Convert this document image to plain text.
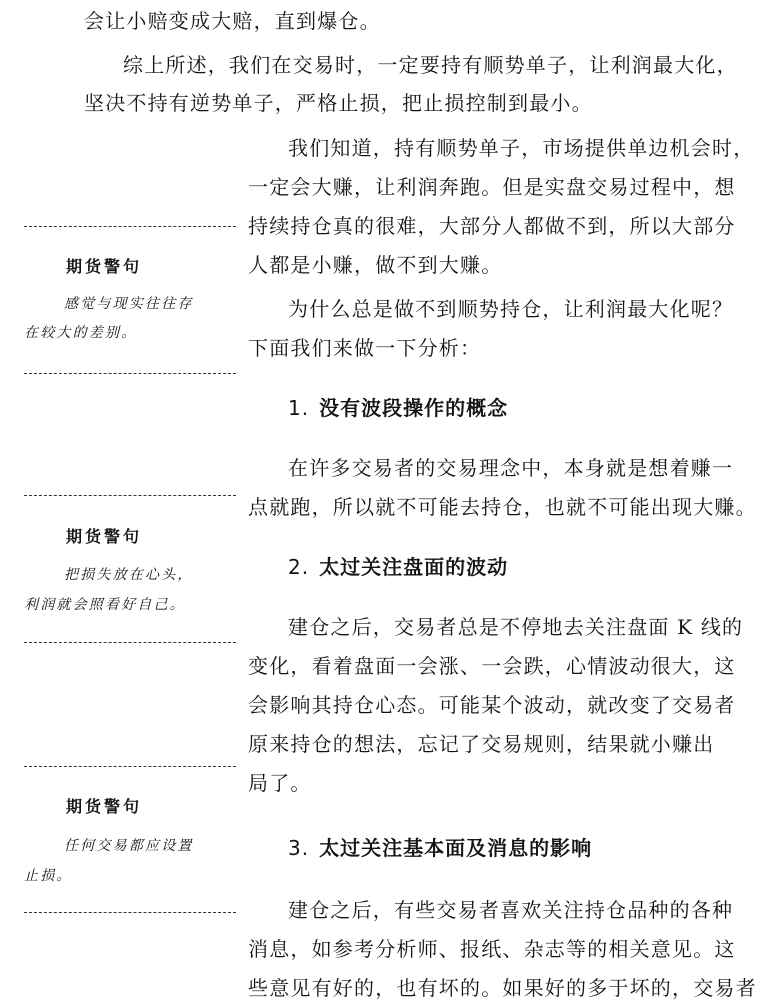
会让小赔变成大赔，直到爆仓。
综上所述，我们在交易时，一定要持有顺势单子，让利润最大化，
坚决不持有逆势单子，严格止损，把止损控制到最小。
我们知道，持有顺势单子，市场提供单边机会时，
一定会大赚，让利润奔跑。但是实盘交易过程中，想
持续持仓真的很难，大部分人都做不到，所以大部分
人都是小赚，做不到大赚。
为什么总是做不到顺势持仓，让利润最大化呢？
下面我们来做一下分析：
1. 没有波段操作的概念
在许多交易者的交易理念中，本身就是想着赚一
点就跑，所以就不可能去持仓，也就不可能出现大赚。
2. 太过关注盘面的波动
建仓之后，交易者总是不停地去关注盘面 K 线的
变化，看着盘面一会涨、一会跌，心情波动很大，这
会影响其持仓心态。可能某个波动，就改变了交易者
原来持仓的想法，忘记了交易规则，结果就小赚出
局了。
3. 太过关注基本面及消息的影响
建仓之后，有些交易者喜欢关注持仓品种的各种
消息，如参考分析师、报纸、杂志等的相关意见。这
些意见有好的，也有坏的。如果好的多于坏的，交易者
期货警句
感觉与现实往往存
在较大的差别。
期货警句
把损失放在心头，
利润就会照看好自己。
期货警句
任何交易都应设置
止损。
